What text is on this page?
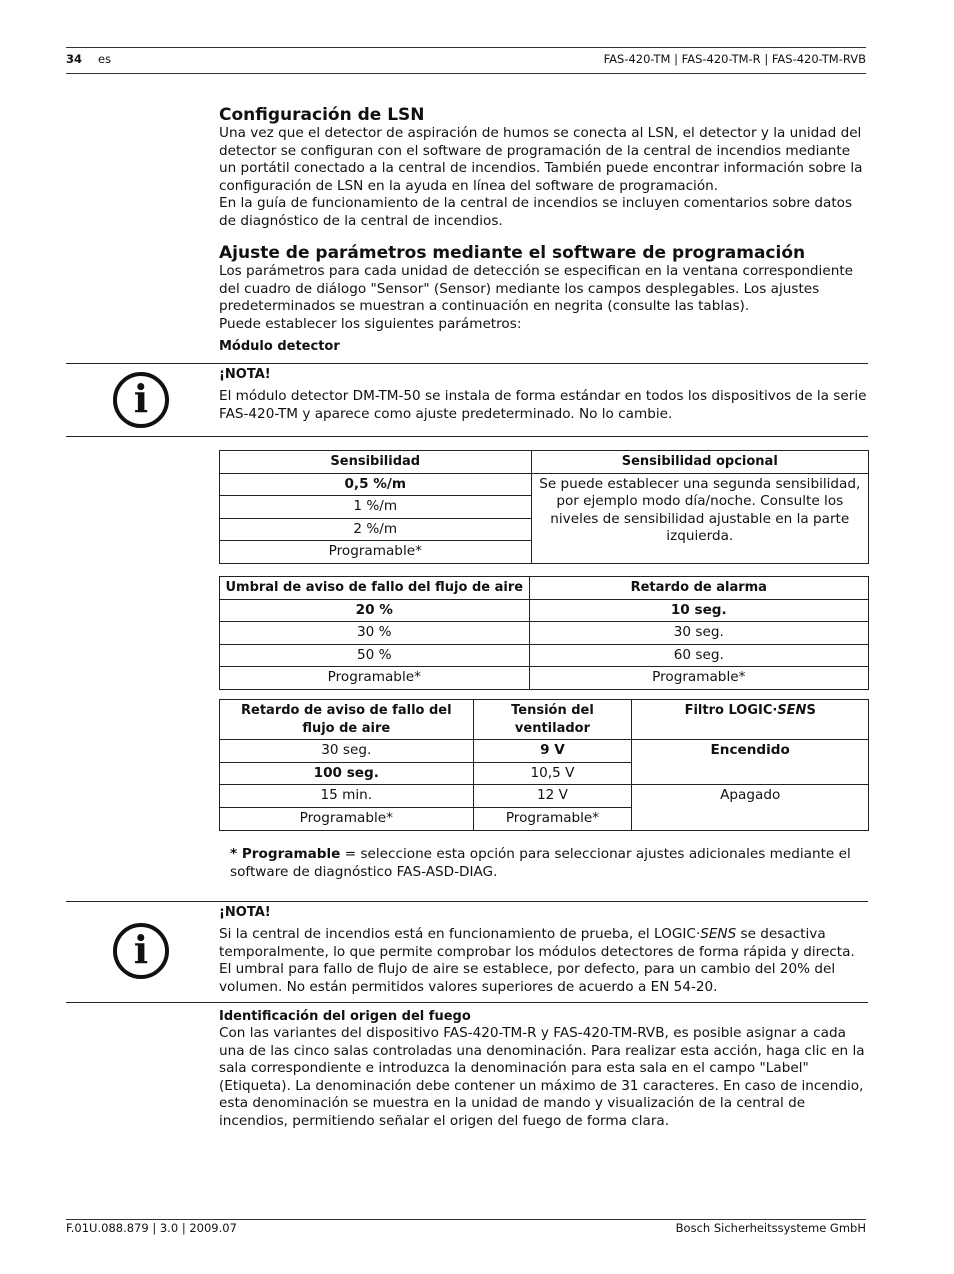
34 es	FAS-420-TM | FAS-420-TM-R | FAS-420-TM-RVB
Configuración de LSN

Una vez que el detector de aspiración de humos se conecta al LSN, el detector y la unidad del detector se configuran con el software de programación de la central de incendios mediante un portátil conectado a la central de incendios. También puede encontrar información sobre la configuración de LSN en la ayuda en línea del software de programación.

En la guía de funcionamiento de la central de incendios se incluyen comentarios sobre datos de diagnóstico de la central de incendios.

Ajuste de parámetros mediante el software de programación

Los parámetros para cada unidad de detección se especifican en la ventana correspondiente del cuadro de diálogo "Sensor" (Sensor) mediante los campos desplegables. Los ajustes predeterminados se muestran a continuación en negrita (consulte las tablas).

Puede establecer los siguientes parámetros:

Módulo detector
i
¡NOTA!

El módulo detector DM-TM-50 se instala de forma estándar en todos los dispositivos de la serie FAS-420-TM y aparece como ajuste predeterminado. No lo cambie.

Sensibilidad	Sensibilidad opcional
0,5 %/m	Se puede establecer una segunda sensibilidad, por ejemplo modo día/noche. Consulte los niveles de sensibilidad ajustable en la parte izquierda.
1 %/m	
2 %/m	
Programable*	
Umbral de aviso de fallo del flujo de aire	Retardo de alarma
20 %	10 seg.
30 %	30 seg.
50 %	60 seg.
Programable*	Programable*
Retardo de aviso de fallo del flujo de aire	Tensión del ventilador	Filtro LOGIC·SENS
30 seg.	9 V	Encendido
100 seg.	10,5 V	
15 min.	12 V	Apagado
Programable*	Programable*	

* Programable = seleccione esta opción para seleccionar ajustes adicionales mediante el software de diagnóstico FAS-ASD-DIAG.

i
¡NOTA!

Si la central de incendios está en funcionamiento de prueba, el LOGIC·SENS se desactiva temporalmente, lo que permite comprobar los módulos detectores de forma rápida y directa. El umbral para fallo de flujo de aire se establece, por defecto, para un cambio del 20% del volumen. No están permitidos valores superiores de acuerdo a EN 54-20.

Identificación del origen del fuego

Con las variantes del dispositivo FAS-420-TM-R y FAS-420-TM-RVB, es posible asignar a cada una de las cinco salas controladas una denominación. Para realizar esta acción, haga clic en la sala correspondiente e introduzca la denominación para esta sala en el campo "Label" (Etiqueta). La denominación debe contener un máximo de 31 caracteres. En caso de incendio, esta denominación se muestra en la unidad de mando y visualización de la central de incendios, permitiendo señalar el origen del fuego de forma clara.

F.01U.088.879 | 3.0 | 2009.07	Bosch Sicherheitssysteme GmbH
